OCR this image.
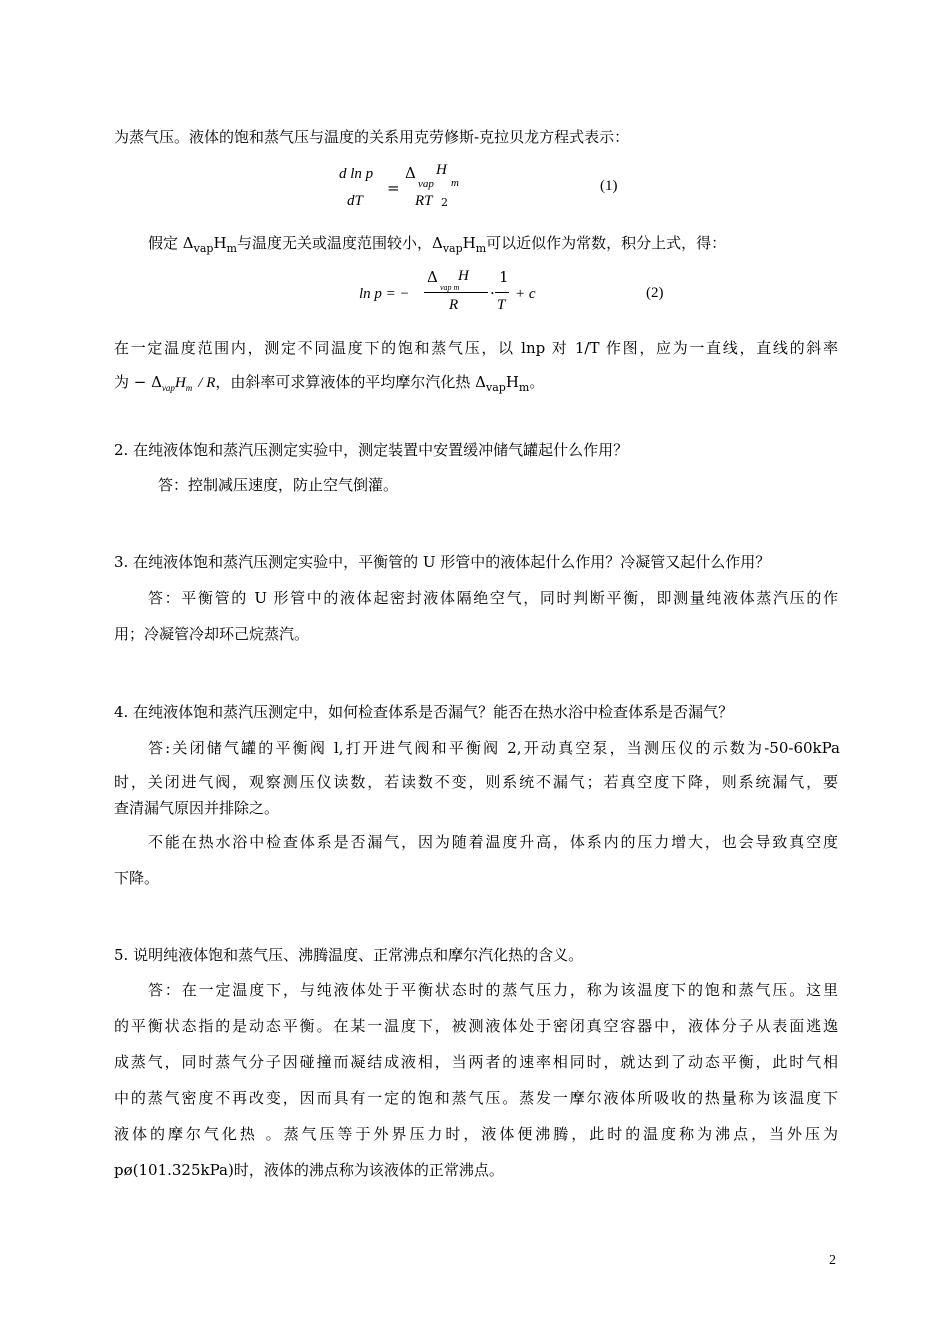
为蒸气压。液体的饱和蒸气压与温度的关系用克劳修斯-克拉贝龙方程式表示：
d ln p
dT
=
Δ H
vap m
RT 2
(1)
假定 $\Delta_{vap}H_m$与温度无关或温度范围较小，$\Delta_{vap}H_m$可以近似作为常数，积分上式，得：
ln p = −
Δ H
vap m
R
·
1
T
+ c	(2)
在一定温度范围内，测定不同温度下的饱和蒸气压，以 lnp 对 1/T 作图，应为一直线，直线的斜率
为 − $\Delta_{vap}H_m$ / R，由斜率可求算液体的平均摩尔汽化热 $\Delta_{vap}H_m$。
2. 在纯液体饱和蒸汽压测定实验中，测定装置中安置缓冲储气罐起什么作用？
答：控制减压速度，防止空气倒灌。
3. 在纯液体饱和蒸汽压测定实验中，平衡管的 U 形管中的液体起什么作用？冷凝管又起什么作用？
答：平衡管的 U 形管中的液体起密封液体隔绝空气，同时判断平衡，即测量纯液体蒸汽压的作
用；冷凝管冷却环己烷蒸汽。
4. 在纯液体饱和蒸汽压测定中，如何检查体系是否漏气？能否在热水浴中检查体系是否漏气？
答:关闭储气罐的平衡阀 l,打开进气阀和平衡阀 2,开动真空泵，当测压仪的示数为-50-60kPa
时，关闭进气阀，观察测压仪读数，若读数不变，则系统不漏气；若真空度下降，则系统漏气，要
查清漏气原因并排除之。
不能在热水浴中检查体系是否漏气，因为随着温度升高，体系内的压力增大，也会导致真空度
下降。
5. 说明纯液体饱和蒸气压、沸腾温度、正常沸点和摩尔汽化热的含义。
答：在一定温度下，与纯液体处于平衡状态时的蒸气压力，称为该温度下的饱和蒸气压。这里
的平衡状态指的是动态平衡。在某一温度下，被测液体处于密闭真空容器中，液体分子从表面逃逸
成蒸气，同时蒸气分子因碰撞而凝结成液相，当两者的速率相同时，就达到了动态平衡，此时气相
中的蒸气密度不再改变，因而具有一定的饱和蒸气压。蒸发一摩尔液体所吸收的热量称为该温度下
液体的摩尔气化热 。蒸气压等于外界压力时，液体便沸腾，此时的温度称为沸点，当外压为
pø(101.325kPa)时，液体的沸点称为该液体的正常沸点。
2
